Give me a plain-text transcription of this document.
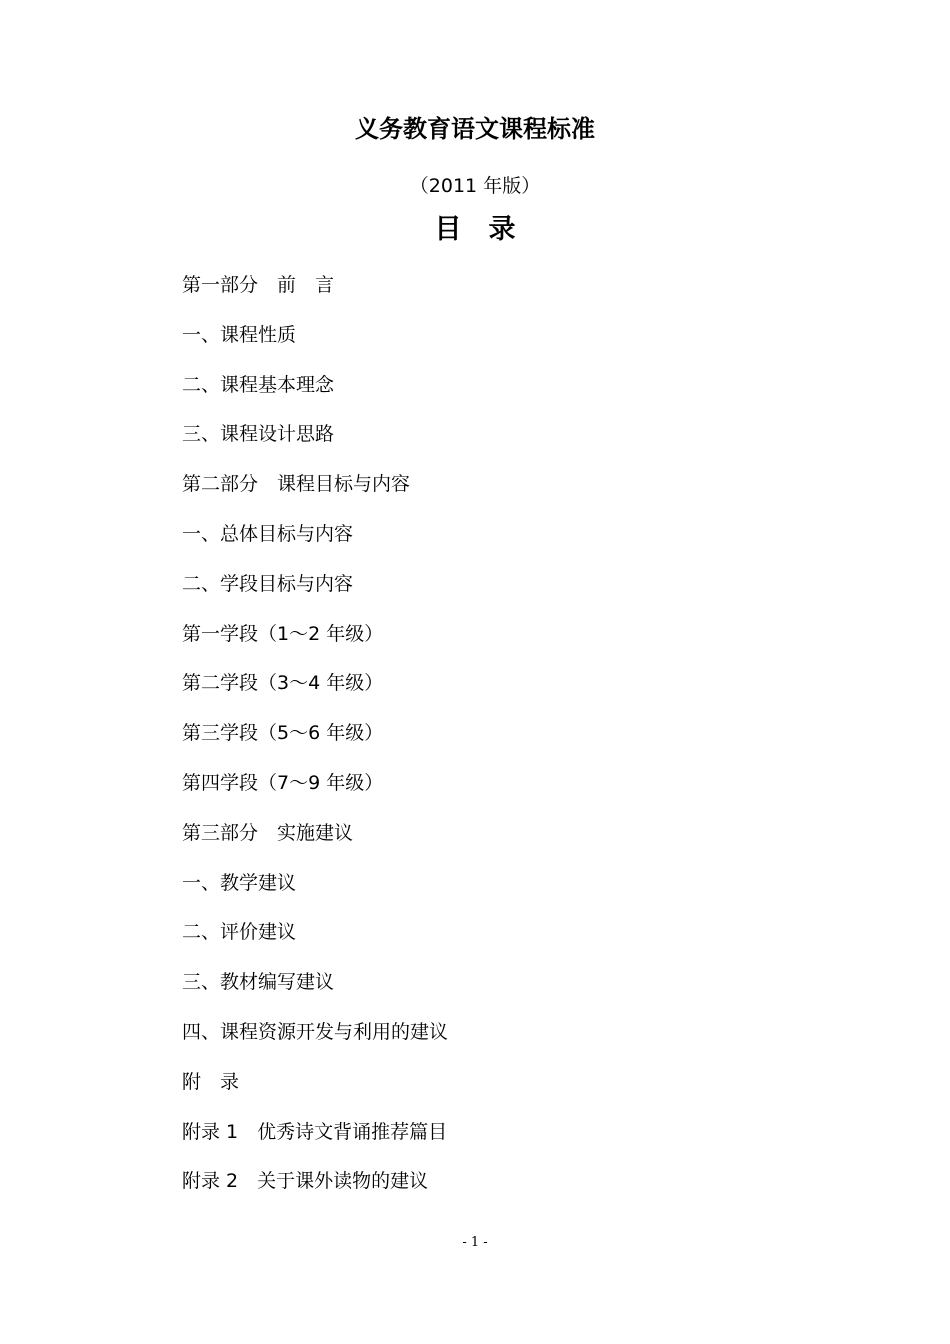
义务教育语文课程标准
（2011 年版）
目　录
第一部分　前　言
一、课程性质
二、课程基本理念
三、课程设计思路
第二部分　课程目标与内容
一、总体目标与内容
二、学段目标与内容
第一学段（1～2 年级）
第二学段（3～4 年级）
第三学段（5～6 年级）
第四学段（7～9 年级）
第三部分　实施建议
一、教学建议
二、评价建议
三、教材编写建议
四、课程资源开发与利用的建议
附　录
附录 1　优秀诗文背诵推荐篇目
附录 2　关于课外读物的建议
- 1 -
